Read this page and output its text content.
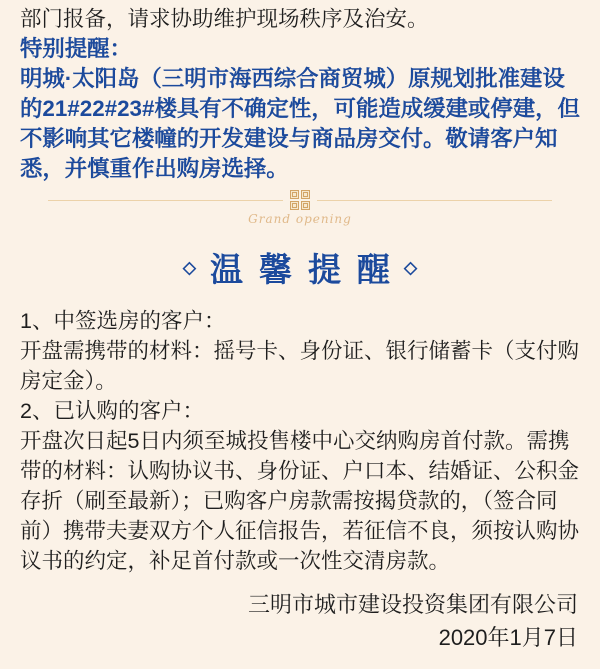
部门报备，请求协助维护现场秩序及治安。

特别提醒：

明城·太阳岛（三明市海西综合商贸城）原规划批准建设
的21#22#23#楼具有不确定性，可能造成缓建或停建，但
不影响其它楼幢的开发建设与商品房交付。敬请客户知
悉，并慎重作出购房选择。
Grand opening
◇ 温馨提醒
◇
1、中签选房的客户：
开盘需携带的材料：摇号卡、身份证、银行储蓄卡（支付购
房定金）。
2、已认购的客户：
开盘次日起5日内须至城投售楼中心交纳购房首付款。需携
带的材料：认购协议书、身份证、户口本、结婚证、公积金
存折（刷至最新）；已购客户房款需按揭贷款的，（签合同
前）携带夫妻双方个人征信报告，若征信不良，须按认购协
议书的约定，补足首付款或一次性交清房款。
三明市城市建设投资集团有限公司
2020年1月7日
